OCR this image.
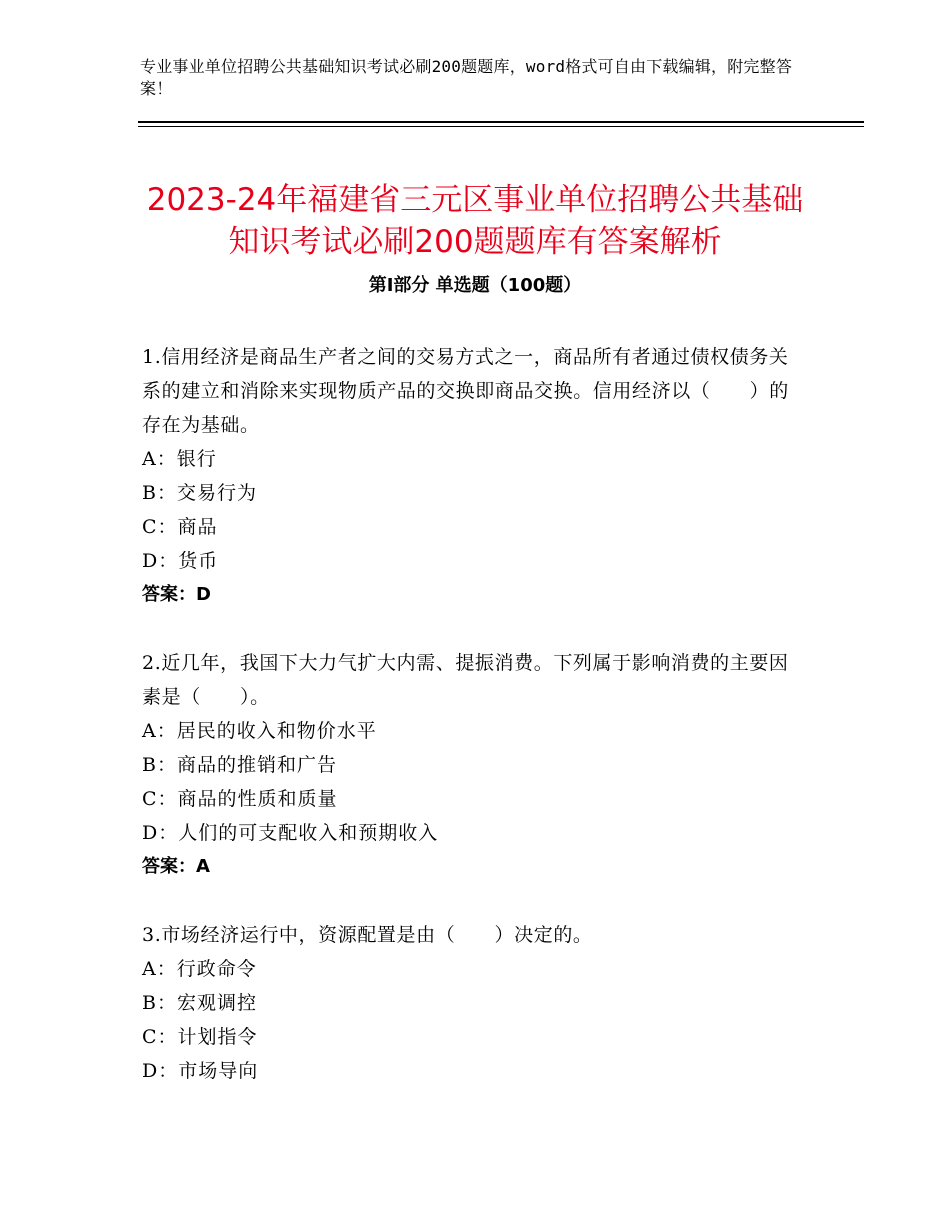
专业事业单位招聘公共基础知识考试必刷200题题库，word格式可自由下载编辑，附完整答案！
2023-24年福建省三元区事业单位招聘公共基础知识考试必刷200题题库有答案解析
第Ⅰ部分 单选题（100题）

1.信用经济是商品生产者之间的交易方式之一，商品所有者通过债权债务关系的建立和消除来实现物质产品的交换即商品交换。信用经济以（　　）的存在为基础。

A：银行

B：交易行为

C：商品

D：货币

答案：D

2.近几年，我国下大力气扩大内需、提振消费。下列属于影响消费的主要因素是（　　）。

A：居民的收入和物价水平

B：商品的推销和广告

C：商品的性质和质量

D：人们的可支配收入和预期收入

答案：A

3.市场经济运行中，资源配置是由（　　）决定的。

A：行政命令

B：宏观调控

C：计划指令

D：市场导向
